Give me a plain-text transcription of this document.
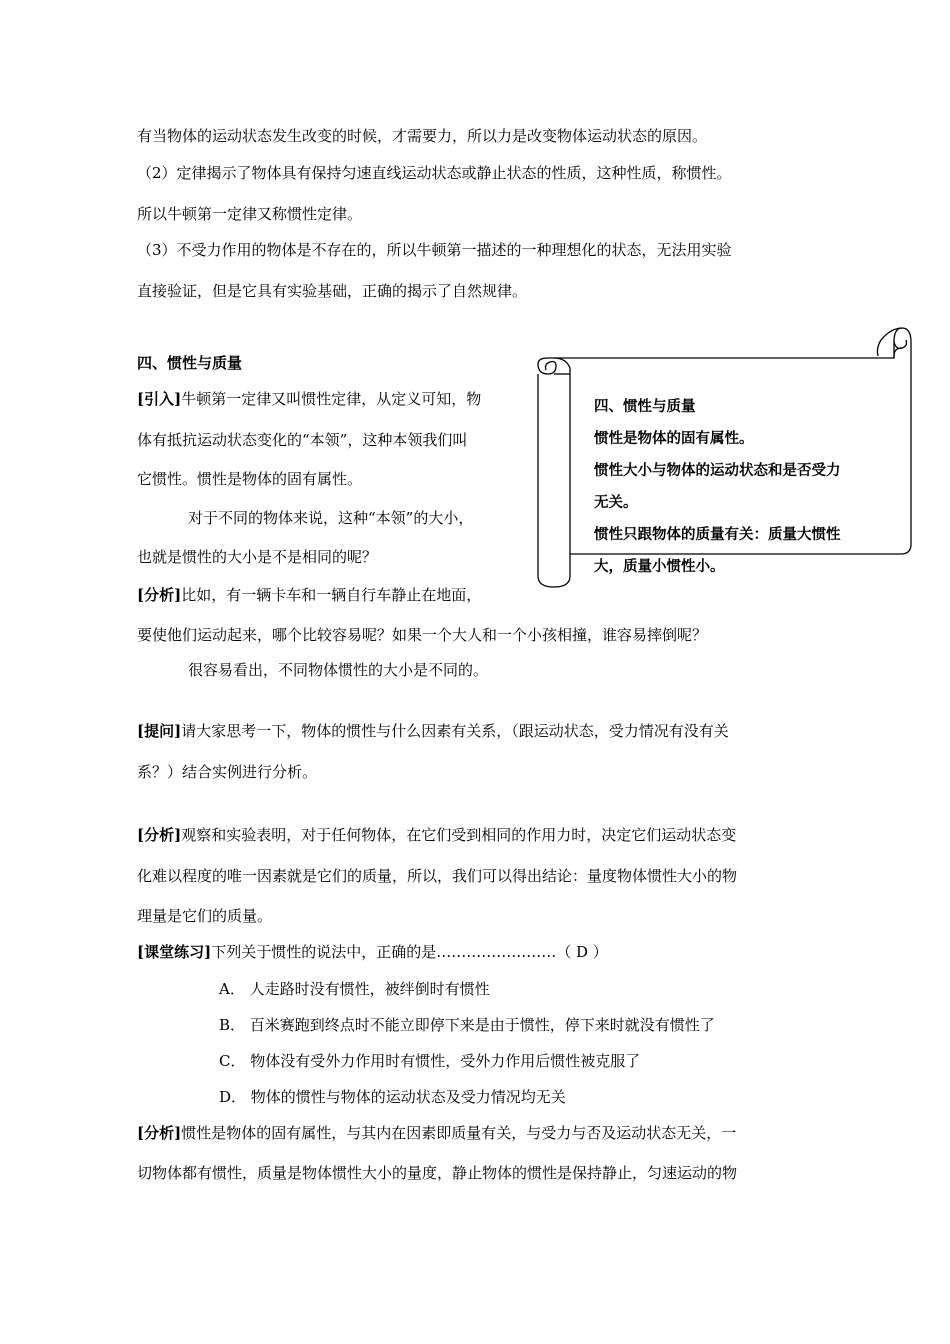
有当物体的运动状态发生改变的时候，才需要力，所以力是改变物体运动状态的原因。
（2）定律揭示了物体具有保持匀速直线运动状态或静止状态的性质，这种性质，称惯性。
所以牛顿第一定律又称惯性定律。
（3）不受力作用的物体是不存在的，所以牛顿第一描述的一种理想化的状态，无法用实验
直接验证，但是它具有实验基础，正确的揭示了自然规律。
四、惯性与质量
[引入]牛顿第一定律又叫惯性定律，从定义可知，物
体有抵抗运动状态变化的“本领”，这种本领我们叫
它惯性。惯性是物体的固有属性。
对于不同的物体来说，这种“本领”的大小，
也就是惯性的大小是不是相同的呢？
[分析]比如，有一辆卡车和一辆自行车静止在地面，
要使他们运动起来，哪个比较容易呢？如果一个大人和一个小孩相撞，谁容易摔倒呢？
很容易看出，不同物体惯性的大小是不同的。
[提问]请大家思考一下，物体的惯性与什么因素有关系，（跟运动状态，受力情况有没有关
系？）结合实例进行分析。
[分析]观察和实验表明，对于任何物体，在它们受到相同的作用力时，决定它们运动状态变
化难以程度的唯一因素就是它们的质量，所以，我们可以得出结论：量度物体惯性大小的物
理量是它们的质量。
[课堂练习]下列关于惯性的说法中，正确的是……………………（ D ）
A． 人走路时没有惯性，被绊倒时有惯性
B． 百米赛跑到终点时不能立即停下来是由于惯性，停下来时就没有惯性了
C． 物体没有受外力作用时有惯性，受外力作用后惯性被克服了
D． 物体的惯性与物体的运动状态及受力情况均无关
[分析]惯性是物体的固有属性，与其内在因素即质量有关，与受力与否及运动状态无关，一
切物体都有惯性，质量是物体惯性大小的量度，静止物体的惯性是保持静止，匀速运动的物
四、惯性与质量
惯性是物体的固有属性。
惯性大小与物体的运动状态和是否受力
无关。
惯性只跟物体的质量有关：质量大惯性
大，质量小惯性小。
